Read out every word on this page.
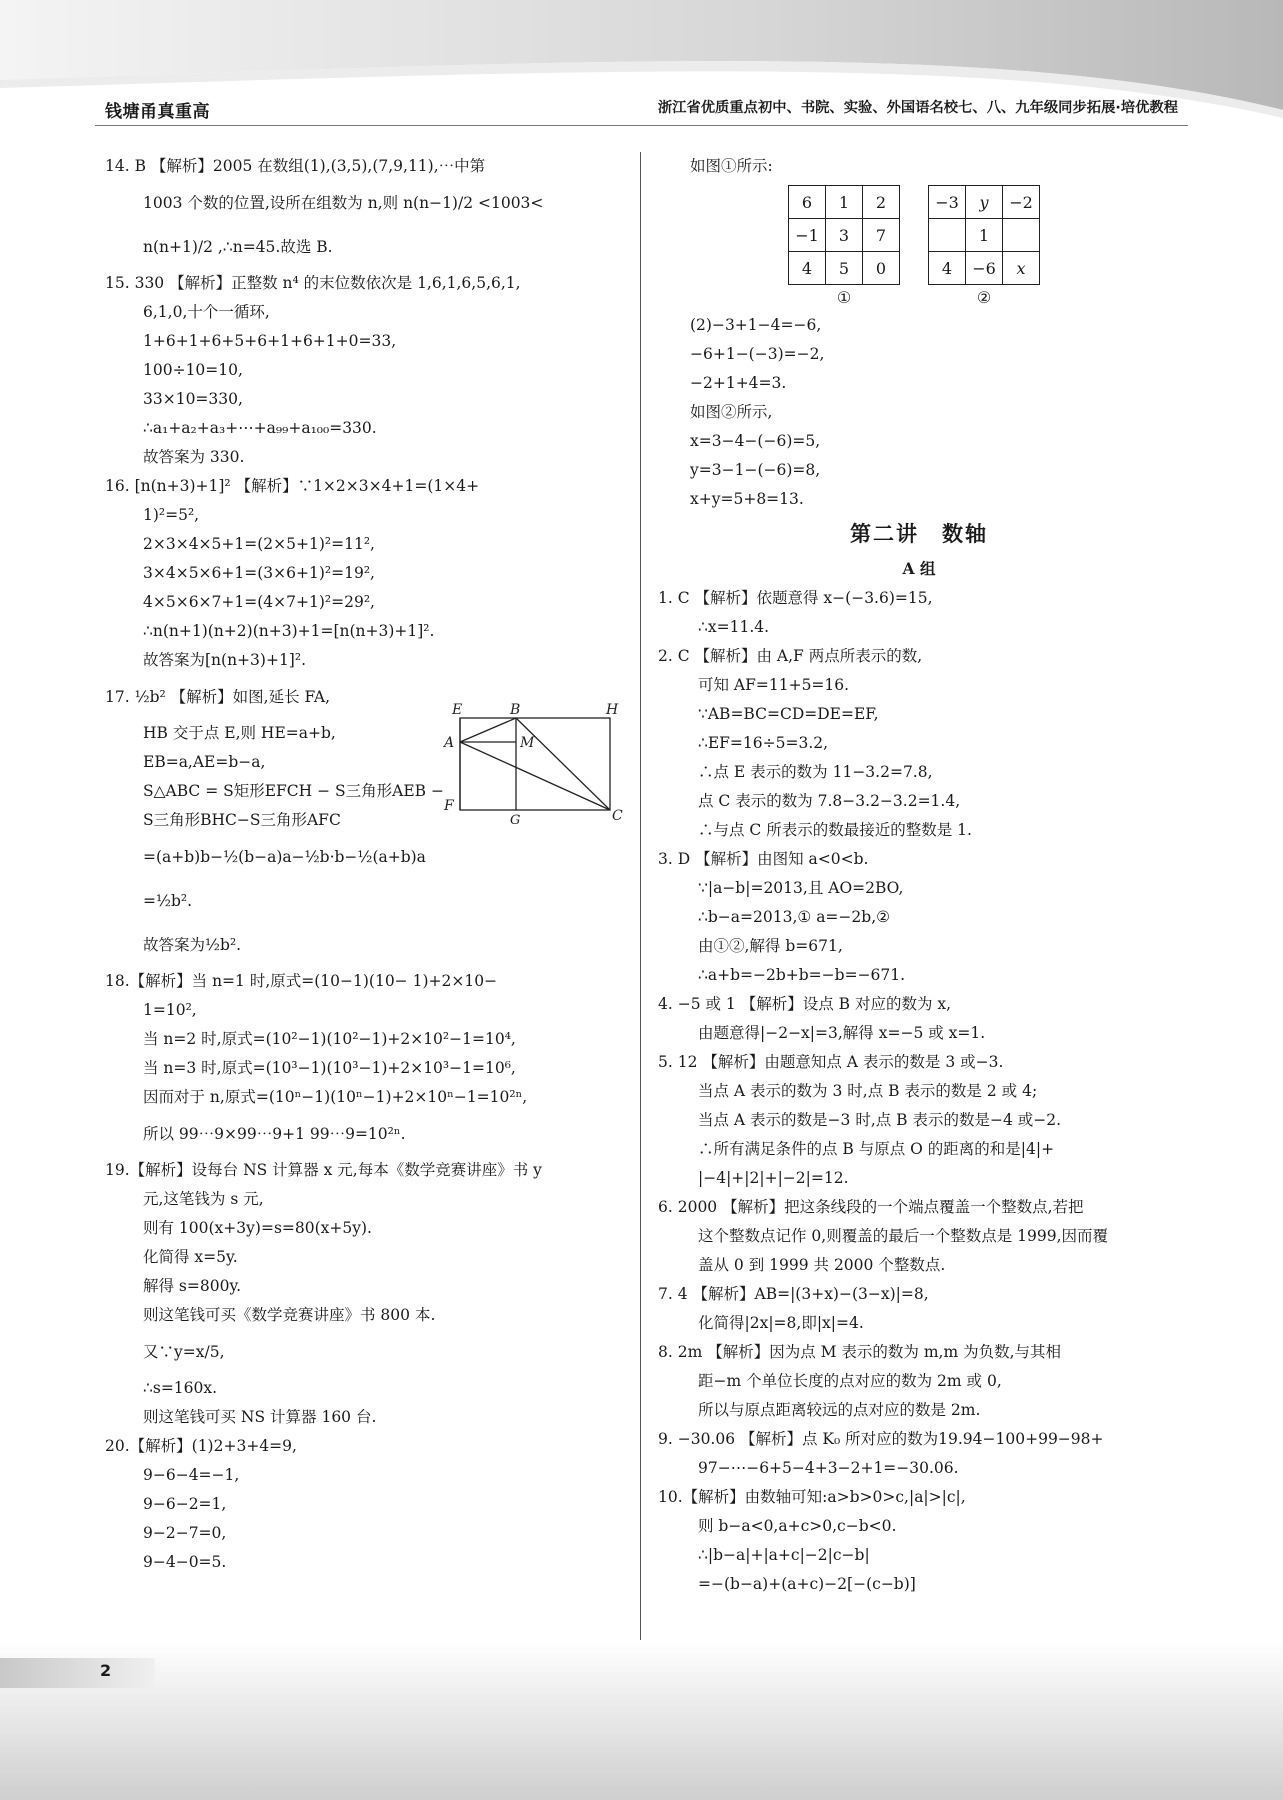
钱塘甬真重高	浙江省优质重点初中、书院、实验、外国语名校七、八、九年级同步拓展·培优教程
14. B 【解析】2005 在数组(1),(3,5),(7,9,11),⋯中第
1003 个数的位置,设所在组数为 n,则 n(n−1)/2 <1003<
n(n+1)/2 ,∴n=45.故选 B.
15. 330 【解析】正整数 n⁴ 的末位数依次是 1,6,1,6,5,6,1,
6,1,0,十个一循环,
1+6+1+6+5+6+1+6+1+0=33,
100÷10=10,
33×10=330,
∴a₁+a₂+a₃+⋯+a₉₉+a₁₀₀=330.
故答案为 330.
16. [n(n+3)+1]² 【解析】∵1×2×3×4+1=(1×4+
1)²=5²,
2×3×4×5+1=(2×5+1)²=11²,
3×4×5×6+1=(3×6+1)²=19²,
4×5×6×7+1=(4×7+1)²=29²,
∴n(n+1)(n+2)(n+3)+1=[n(n+3)+1]².
故答案为[n(n+3)+1]².
17. ½b² 【解析】如图,延长 FA,
HB 交于点 E,则 HE=a+b,
EB=a,AE=b−a,
S△ABC = S矩形EFCH − S三角形AEB −
S三角形BHC−S三角形AFC
=(a+b)b−½(b−a)a−½b·b−½(a+b)a
=½b².
故答案为½b².
18.【解析】当 n=1 时,原式=(10−1)(10− 1)+2×10−
1=10²,
当 n=2 时,原式=(10²−1)(10²−1)+2×10²−1=10⁴,
当 n=3 时,原式=(10³−1)(10³−1)+2×10³−1=10⁶,
因而对于 n,原式=(10ⁿ−1)(10ⁿ−1)+2×10ⁿ−1=10²ⁿ,
所以 99⋯9×99⋯9+1 99⋯9=10²ⁿ.
19.【解析】设每台 NS 计算器 x 元,每本《数学竞赛讲座》书 y
元,这笔钱为 s 元,
则有 100(x+3y)=s=80(x+5y).
化简得 x=5y.
解得 s=800y.
则这笔钱可买《数学竞赛讲座》书 800 本.
又∵y=x/5,
∴s=160x.
则这笔钱可买 NS 计算器 160 台.
20.【解析】(1)2+3+4=9,
9−6−4=−1,
9−6−2=1,
9−2−7=0,
9−4−0=5.
E	B	H
A	M
F
G	C
如图①所示:
6	1	2
−1	3	7
4	5	0
①
−3	y	−2
	1	
4	−6	x
②
(2)−3+1−4=−6,
−6+1−(−3)=−2,
−2+1+4=3.
如图②所示,
x=3−4−(−6)=5,
y=3−1−(−6)=8,
x+y=5+8=13.
第二讲　数轴
A 组
1. C 【解析】依题意得 x−(−3.6)=15,
∴x=11.4.
2. C 【解析】由 A,F 两点所表示的数,
可知 AF=11+5=16.
∵AB=BC=CD=DE=EF,
∴EF=16÷5=3.2,
∴点 E 表示的数为 11−3.2=7.8,
点 C 表示的数为 7.8−3.2−3.2=1.4,
∴与点 C 所表示的数最接近的整数是 1.
3. D 【解析】由图知 a<0<b.
∵|a−b|=2013,且 AO=2BO,
∴b−a=2013,① a=−2b,②
由①②,解得 b=671,
∴a+b=−2b+b=−b=−671.
4. −5 或 1 【解析】设点 B 对应的数为 x,
由题意得|−2−x|=3,解得 x=−5 或 x=1.
5. 12 【解析】由题意知点 A 表示的数是 3 或−3.
当点 A 表示的数为 3 时,点 B 表示的数是 2 或 4;
当点 A 表示的数是−3 时,点 B 表示的数是−4 或−2.
∴所有满足条件的点 B 与原点 O 的距离的和是|4|+
|−4|+|2|+|−2|=12.
6. 2000 【解析】把这条线段的一个端点覆盖一个整数点,若把
这个整数点记作 0,则覆盖的最后一个整数点是 1999,因而覆
盖从 0 到 1999 共 2000 个整数点.
7. 4 【解析】AB=|(3+x)−(3−x)|=8,
化简得|2x|=8,即|x|=4.
8. 2m 【解析】因为点 M 表示的数为 m,m 为负数,与其相
距−m 个单位长度的点对应的数为 2m 或 0,
所以与原点距离较远的点对应的数是 2m.
9. −30.06 【解析】点 K₀ 所对应的数为19.94−100+99−98+
97−⋯−6+5−4+3−2+1=−30.06.
10.【解析】由数轴可知:a>b>0>c,|a|>|c|,
则 b−a<0,a+c>0,c−b<0.
∴|b−a|+|a+c|−2|c−b|
=−(b−a)+(a+c)−2[−(c−b)]
2
